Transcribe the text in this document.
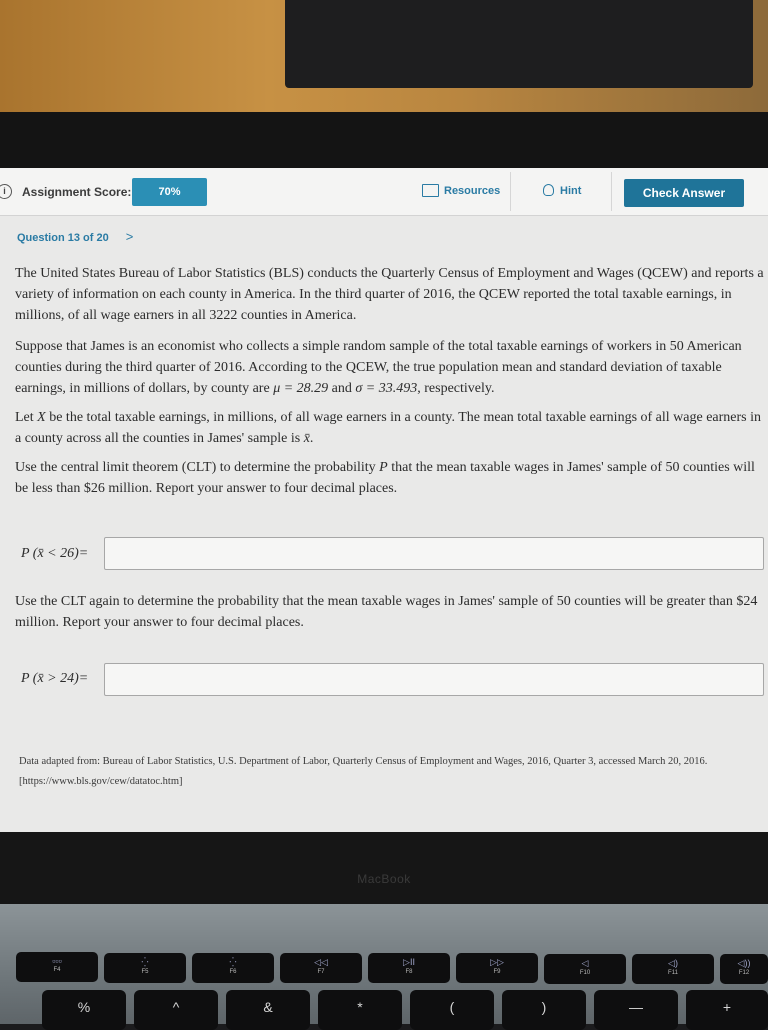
i	Assignment Score:	70%	Resources	Hint	Check Answer
Question 13 of 20 >
The United States Bureau of Labor Statistics (BLS) conducts the Quarterly Census of Employment and Wages (QCEW) and reports a variety of information on each county in America. In the third quarter of 2016, the QCEW reported the total taxable earnings, in millions, of all wage earners in all 3222 counties in America.
Suppose that James is an economist who collects a simple random sample of the total taxable earnings of workers in 50 American counties during the third quarter of 2016. According to the QCEW, the true population mean and standard deviation of taxable earnings, in millions of dollars, by county are μ = 28.29 and σ = 33.493, respectively.
Let X be the total taxable earnings, in millions, of all wage earners in a county. The mean total taxable earnings of all wage earners in a county across all the counties in James' sample is x̄.
Use the central limit theorem (CLT) to determine the probability P that the mean taxable wages in James' sample of 50 counties will be less than $26 million. Report your answer to four decimal places.
P (x̄ < 26)=
Use the CLT again to determine the probability that the mean taxable wages in James' sample of 50 counties will be greater than $24 million. Report your answer to four decimal places.
P (x̄ > 24)=
Data adapted from: Bureau of Labor Statistics, U.S. Department of Labor, Quarterly Census of Employment and Wages, 2016, Quarter 3, accessed March 20, 2016. [https://www.bls.gov/cew/datatoc.htm]
MacBook
▫▫▫
F4
⁛
F5
⁛
F6
◁◁
F7
▷II
F8
▷▷
F9
◁
F10
◁)
F11
◁))
F12
%	^	&	*	(	)	—	+
